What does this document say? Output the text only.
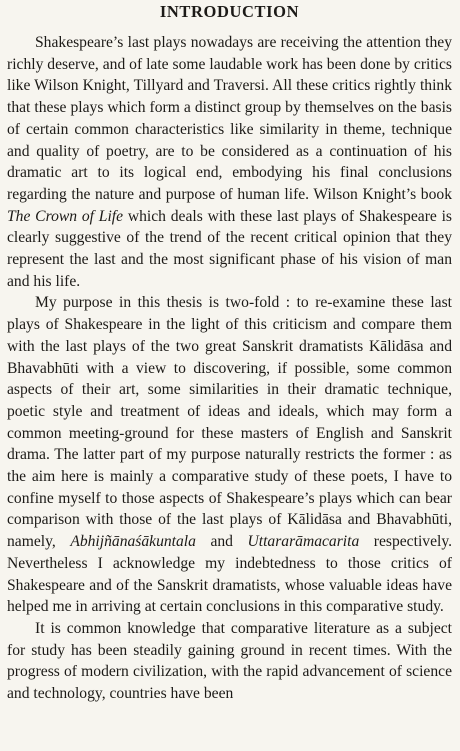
INTRODUCTION

Shakespeare’s last plays nowadays are receiving the attention they richly deserve, and of late some laudable work has been done by critics like Wilson Knight, Tillyard and Traversi. All these critics rightly think that these plays which form a distinct group by themselves on the basis of certain common characteristics like similarity in theme, technique and quality of poetry, are to be considered as a continuation of his dramatic art to its logical end, embodying his final conclusions regarding the nature and purpose of human life. Wilson Knight’s book The Crown of Life which deals with these last plays of Shakespeare is clearly suggestive of the trend of the recent critical opinion that they represent the last and the most significant phase of his vision of man and his life.

My purpose in this thesis is two-fold : to re-examine these last plays of Shakespeare in the light of this criticism and compare them with the last plays of the two great Sanskrit dramatists Kālidāsa and Bhavabhūti with a view to discovering, if possible, some common aspects of their art, some similarities in their dramatic technique, poetic style and treatment of ideas and ideals, which may form a common meeting-ground for these masters of English and Sanskrit drama. The latter part of my purpose naturally restricts the former : as the aim here is mainly a comparative study of these poets, I have to confine myself to those aspects of Shakespeare’s plays which can bear comparison with those of the last plays of Kālidāsa and Bhavabhūti, namely, Abhijñānaśākuntala and Uttararāmacarita respectively. Nevertheless I acknowledge my indebtedness to those critics of Shakespeare and of the Sanskrit dramatists, whose valuable ideas have helped me in arriving at certain conclusions in this comparative study.

It is common knowledge that comparative literature as a subject for study has been steadily gaining ground in recent times. With the progress of modern civilization, with the rapid advancement of science and technology, countries have been
